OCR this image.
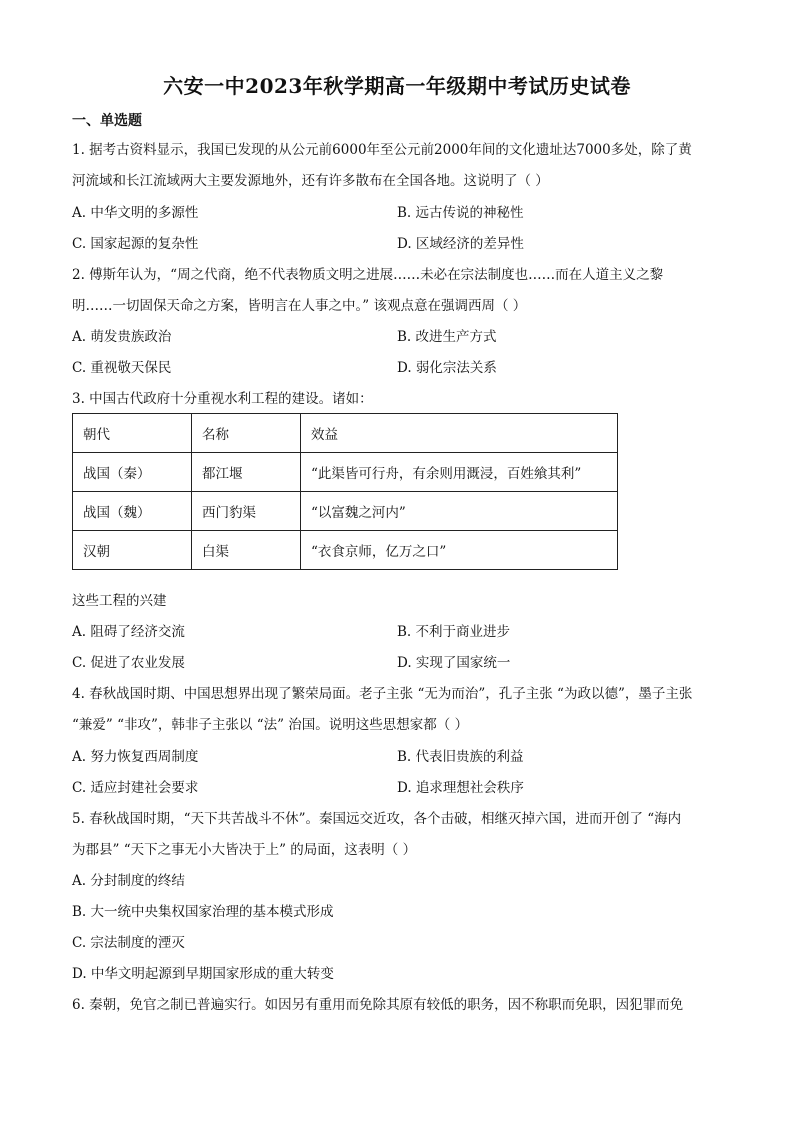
六安一中2023年秋学期高一年级期中考试历史试卷
一、单选题
1. 据考古资料显示，我国已发现的从公元前6000年至公元前2000年间的文化遗址达7000多处，除了黄
河流域和长江流域两大主要发源地外，还有许多散布在全国各地。这说明了（ ）
A. 中华文明的多源性	B. 远古传说的神秘性
C. 国家起源的复杂性	D. 区域经济的差异性
2. 傅斯年认为，“周之代商，绝不代表物质文明之进展……未必在宗法制度也……而在人道主义之黎
明……一切固保天命之方案，皆明言在人事之中。” 该观点意在强调西周（ ）
A. 萌发贵族政治	B. 改进生产方式
C. 重视敬天保民	D. 弱化宗法关系
3. 中国古代政府十分重视水利工程的建设。诸如：
朝代	名称	效益
战国（秦）	都江堰	“此渠皆可行舟，有余则用溉浸，百姓飨其利”
战国（魏）	西门豹渠	“以富魏之河内”
汉朝	白渠	“衣食京师，亿万之口”
这些工程的兴建
A. 阻碍了经济交流	B. 不利于商业进步
C. 促进了农业发展	D. 实现了国家统一
4. 春秋战国时期、中国思想界出现了繁荣局面。老子主张 “无为而治”，孔子主张 “为政以德”，墨子主张
“兼爱” “非攻”，韩非子主张以 “法” 治国。说明这些思想家都（ ）
A. 努力恢复西周制度	B. 代表旧贵族的利益
C. 适应封建社会要求	D. 追求理想社会秩序
5. 春秋战国时期，“天下共苦战斗不休”。秦国远交近攻，各个击破，相继灭掉六国，进而开创了 “海内
为郡县” “天下之事无小大皆决于上” 的局面，这表明（ ）
A. 分封制度的终结
B. 大一统中央集权国家治理的基本模式形成
C. 宗法制度的湮灭
D. 中华文明起源到早期国家形成的重大转变
6. 秦朝，免官之制已普遍实行。如因另有重用而免除其原有较低的职务，因不称职而免职，因犯罪而免
